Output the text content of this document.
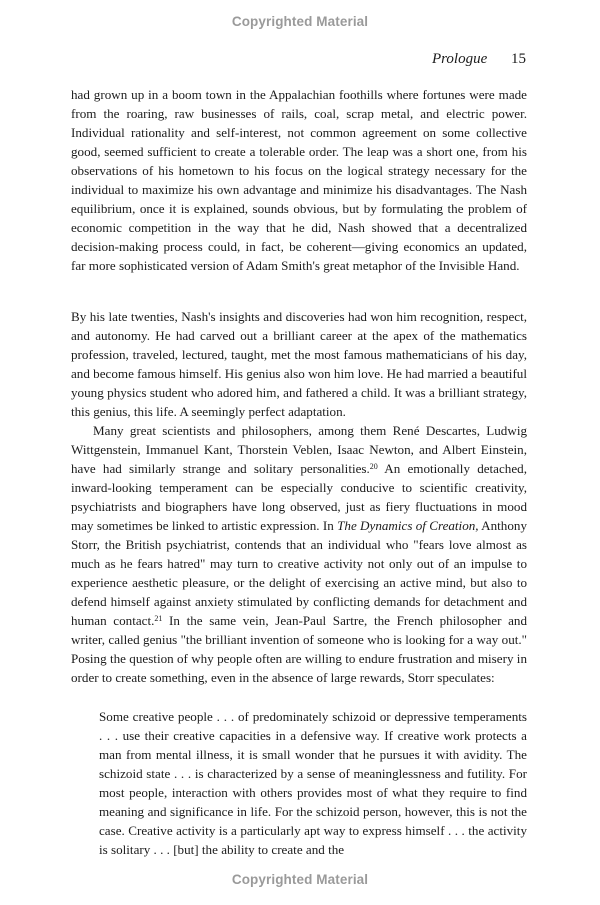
Copyrighted Material
Prologue 15

had grown up in a boom town in the Appalachian foothills where fortunes were made from the roaring, raw businesses of rails, coal, scrap metal, and electric power. Individual rationality and self-interest, not common agreement on some collective good, seemed sufficient to create a tolerable order. The leap was a short one, from his observations of his hometown to his focus on the logical strategy necessary for the individual to maximize his own advantage and minimize his disadvantages. The Nash equilibrium, once it is explained, sounds obvious, but by formulating the problem of economic competition in the way that he did, Nash showed that a decentralized decision-making process could, in fact, be coherent—giving economics an updated, far more sophisticated version of Adam Smith's great metaphor of the Invisible Hand.

By his late twenties, Nash's insights and discoveries had won him recognition, respect, and autonomy. He had carved out a brilliant career at the apex of the mathematics profession, traveled, lectured, taught, met the most famous mathematicians of his day, and become famous himself. His genius also won him love. He had married a beautiful young physics student who adored him, and fathered a child. It was a brilliant strategy, this genius, this life. A seemingly perfect adaptation.

Many great scientists and philosophers, among them René Descartes, Ludwig Wittgenstein, Immanuel Kant, Thorstein Veblen, Isaac Newton, and Albert Einstein, have had similarly strange and solitary personalities.$^{20}$ An emotionally detached, inward-looking temperament can be especially conducive to scientific creativity, psychiatrists and biographers have long observed, just as fiery fluctuations in mood may sometimes be linked to artistic expression. In The Dynamics of Creation, Anthony Storr, the British psychiatrist, contends that an individual who "fears love almost as much as he fears hatred" may turn to creative activity not only out of an impulse to experience aesthetic pleasure, or the delight of exercising an active mind, but also to defend himself against anxiety stimulated by conflicting demands for detachment and human contact.$^{21}$ In the same vein, Jean-Paul Sartre, the French philosopher and writer, called genius "the brilliant invention of someone who is looking for a way out." Posing the question of why people often are willing to endure frustration and misery in order to create something, even in the absence of large rewards, Storr speculates:

Some creative people . . . of predominately schizoid or depressive temperaments . . . use their creative capacities in a defensive way. If creative work protects a man from mental illness, it is small wonder that he pursues it with avidity. The schizoid state . . . is characterized by a sense of meaninglessness and futility. For most people, interaction with others provides most of what they require to find meaning and significance in life. For the schizoid person, however, this is not the case. Creative activity is a particularly apt way to express himself . . . the activity is solitary . . . [but] the ability to create and the
Copyrighted Material
